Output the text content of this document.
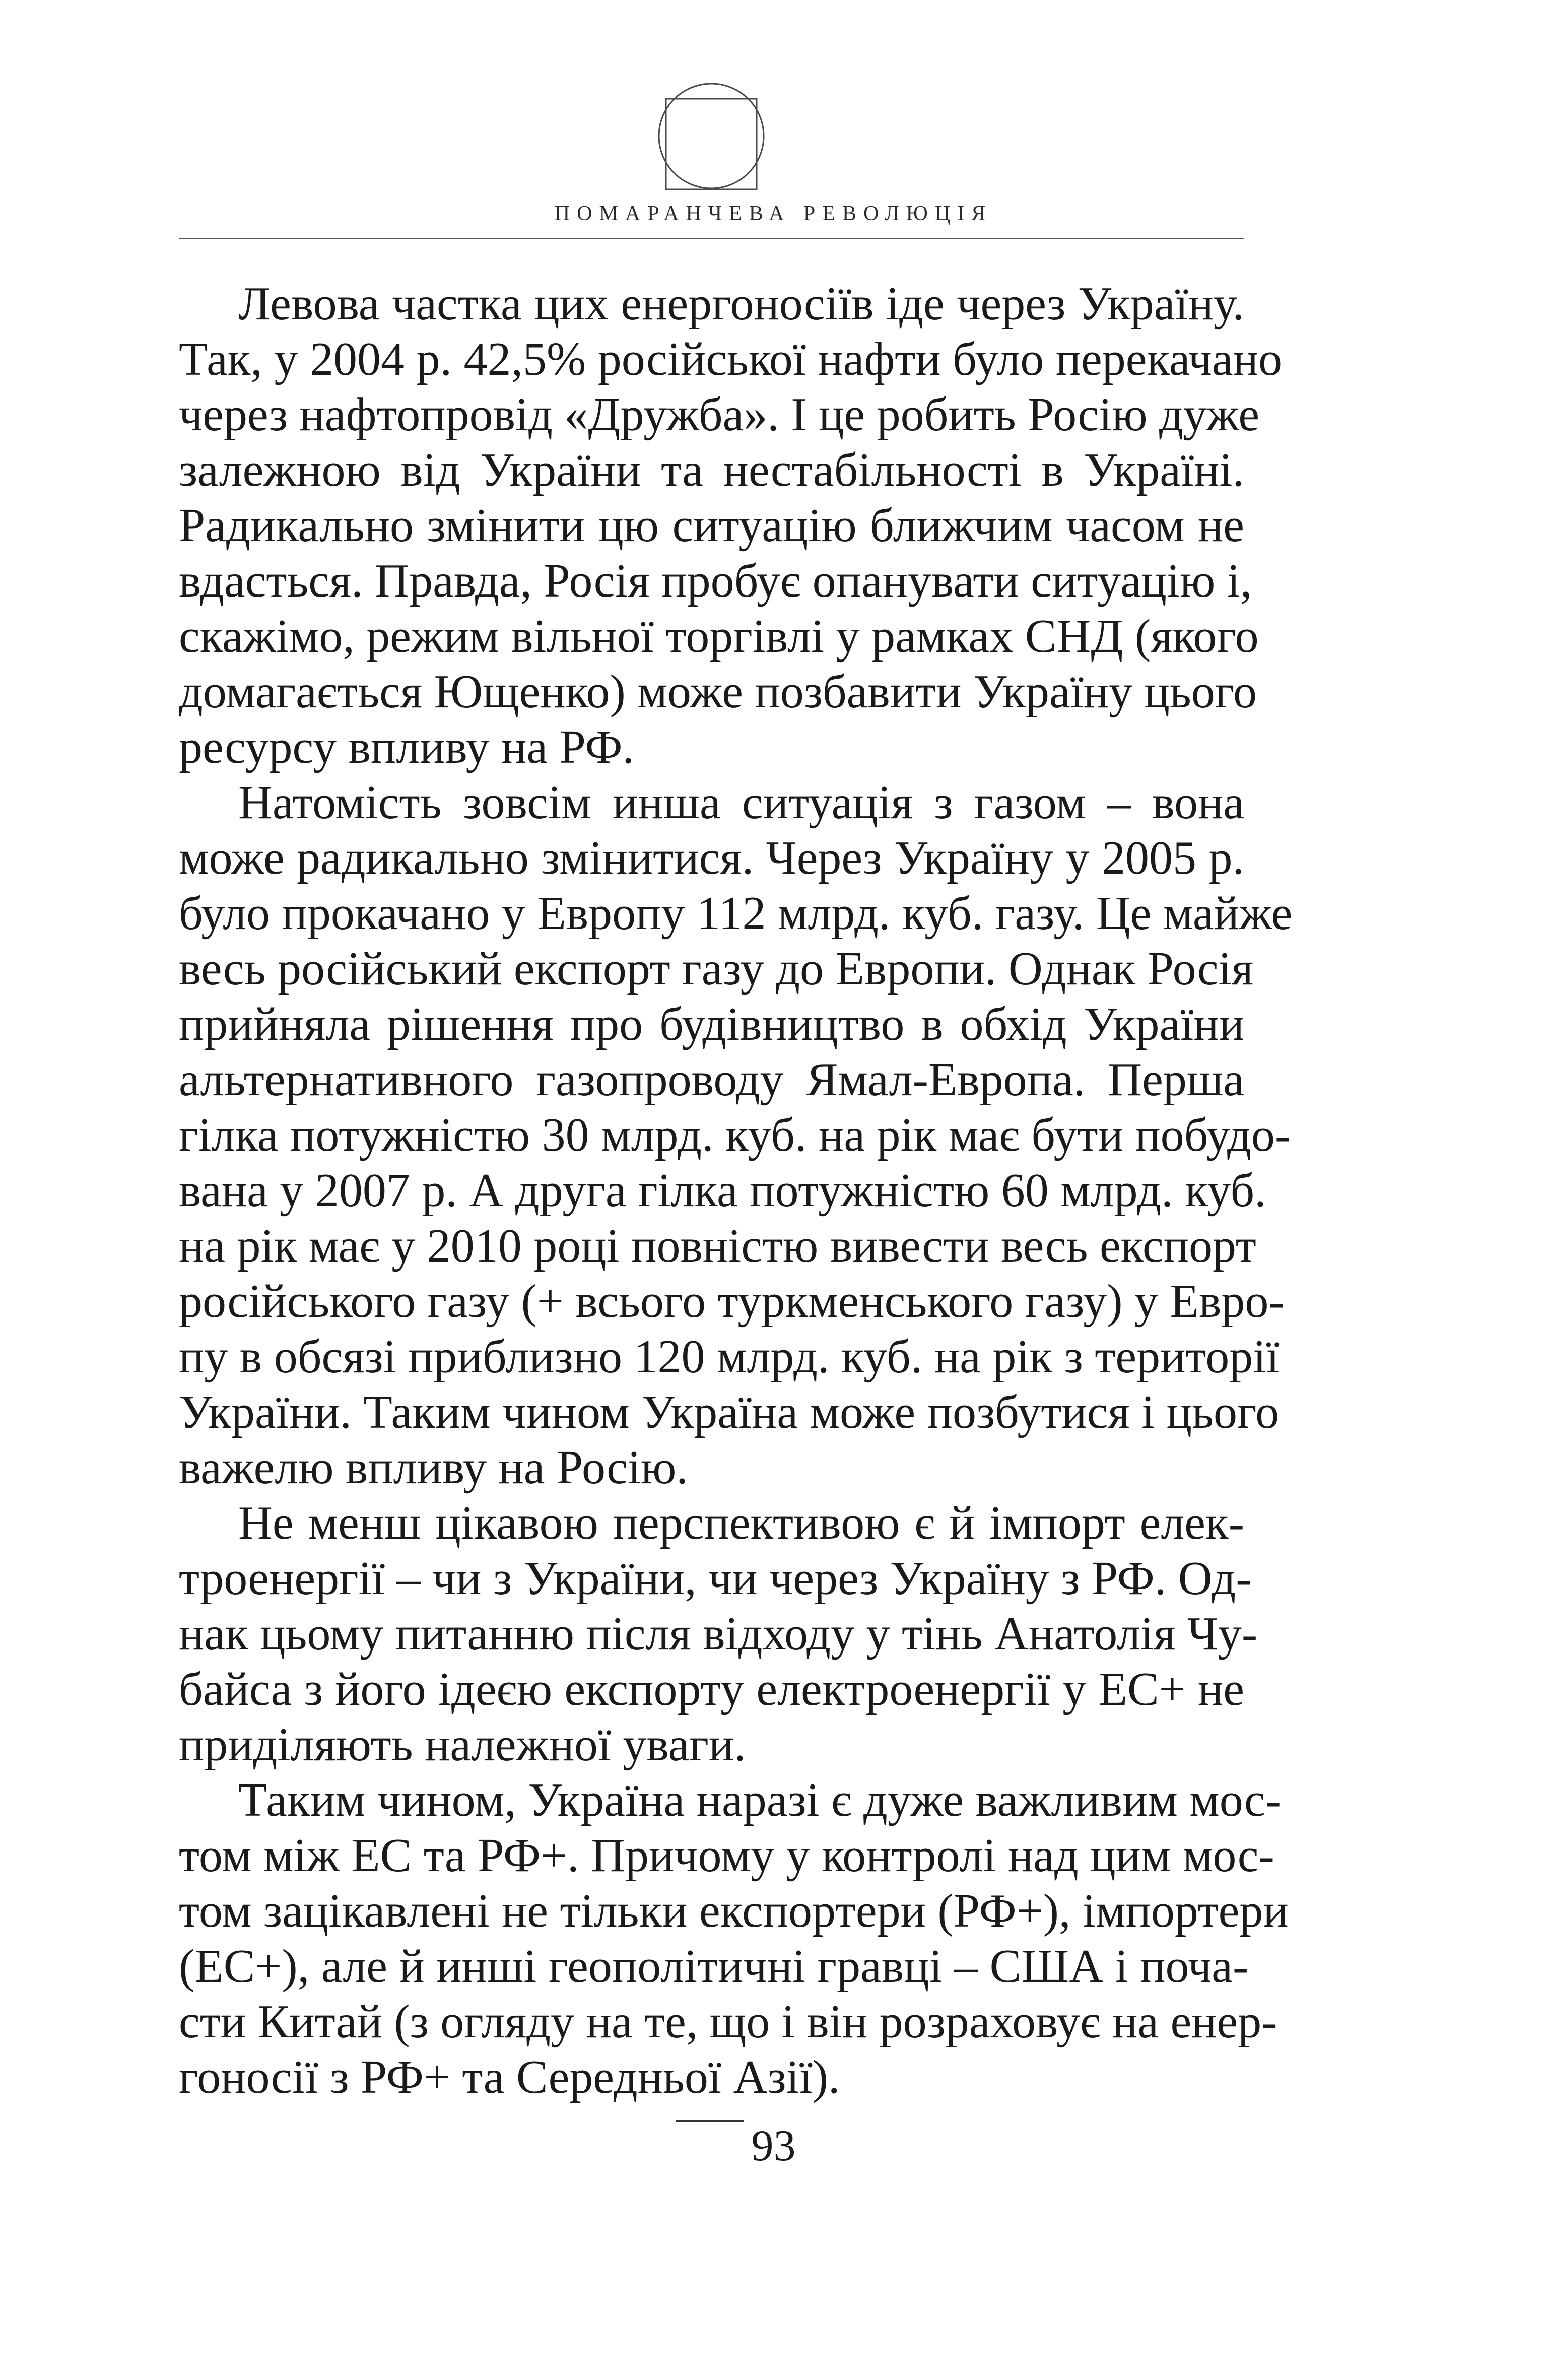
ПОМАРАНЧЕВА РЕВОЛЮЦІЯ
Левова частка цих енергоносіїв іде через Україну.
Так, у 2004 р. 42,5% російської нафти було перекачано
через нафтопровід «Дружба». І це робить Росію дуже
залежною від України та нестабільності в Україні.
Радикально змінити цю ситуацію ближчим часом не
вдасться. Правда, Росія пробує опанувати ситуацію і,
скажімо, режим вільної торгівлі у рамках СНД (якого
домагається Ющенко) може позбавити Україну цього
ресурсу впливу на РФ.
Натомість зовсім инша ситуація з газом – вона
може радикально змінитися. Через Україну у 2005 р.
було прокачано у Европу 112 млрд. куб. газу. Це майже
весь російський експорт газу до Европи. Однак Росія
прийняла рішення про будівництво в обхід України
альтернативного газопроводу Ямал-Европа. Перша
гілка потужністю 30 млрд. куб. на рік має бути побудо-
вана у 2007 р. А друга гілка потужністю 60 млрд. куб.
на рік має у 2010 році повністю вивести весь експорт
російського газу (+ всього туркменського газу) у Евро-
пу в обсязі приблизно 120 млрд. куб. на рік з території
України. Таким чином Україна може позбутися і цього
важелю впливу на Росію.
Не менш цікавою перспективою є й імпорт елек-
троенергії – чи з України, чи через Україну з РФ. Од-
нак цьому питанню після відходу у тінь Анатолія Чу-
байса з його ідеєю експорту електроенергії у ЕС+ не
приділяють належної уваги.
Таким чином, Україна наразі є дуже важливим мос-
том між ЕС та РФ+. Причому у контролі над цим мос-
том зацікавлені не тільки експортери (РФ+), імпортери
(ЕС+), але й инші геополітичні гравці – США і поча-
сти Китай (з огляду на те, що і він розраховує на енер-
гоносії з РФ+ та Середньої Азії).
93
